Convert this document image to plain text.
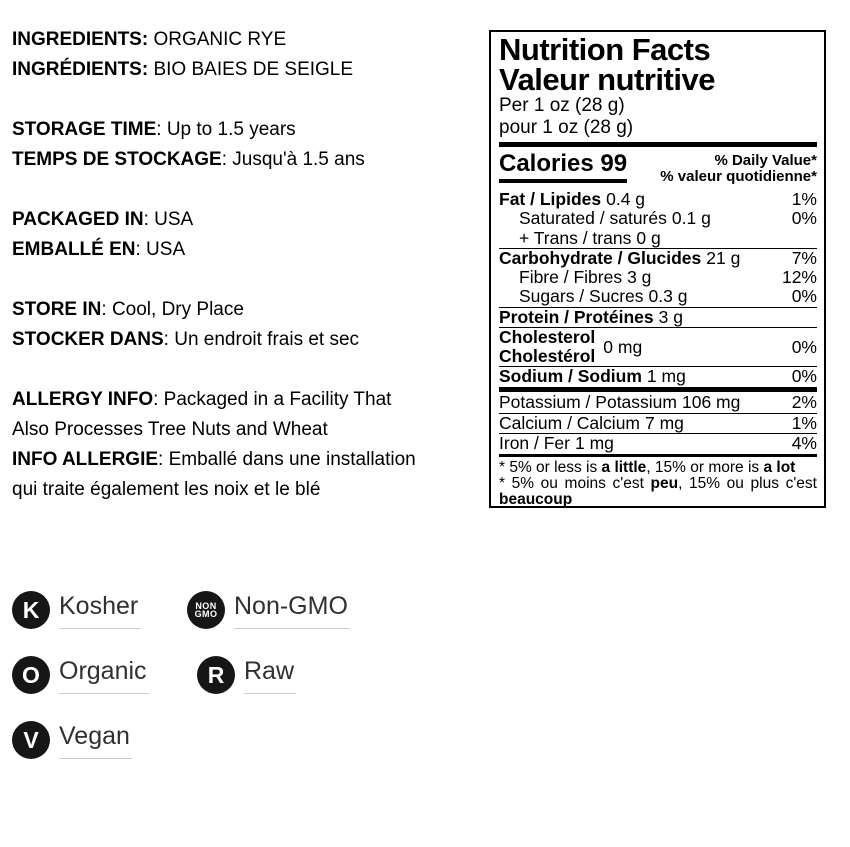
INGREDIENTS: ORGANIC RYE
INGRÉDIENTS: BIO BAIES DE SEIGLE
STORAGE TIME: Up to 1.5 years
TEMPS DE STOCKAGE: Jusqu'à 1.5 ans
PACKAGED IN: USA
EMBALLÉ EN: USA
STORE IN: Cool, Dry Place
STOCKER DANS: Un endroit frais et sec
ALLERGY INFO: Packaged in a Facility That
Also Processes Tree Nuts and Wheat
INFO ALLERGIE: Emballé dans une installation
qui traite également les noix et le blé
Nutrition Facts
Valeur nutritive
Per 1 oz (28 g)
pour 1 oz (28 g)
Calories 99	% Daily Value*
% valeur quotidienne*
Fat / Lipides 0.4 g	1%
Saturated / saturés 0.1 g	0%
+ Trans / trans 0 g
Carbohydrate / Glucides 21 g	7%
Fibre / Fibres 3 g	12%
Sugars / Sucres 0.3 g	0%
Protein / Protéines 3 g
Cholesterol
Cholestérol 0 mg	0%
Sodium / Sodium 1 mg	0%
Potassium / Potassium 106 mg	2%
Calcium / Calcium 7 mg	1%
Iron / Fer 1 mg	4%
* 5% or less is a little, 15% or more is a lot
* 5% ou moins c'est peu, 15% ou plus c'est beaucoup
K Kosher	NON
GMO Non-GMO
O Organic	R Raw
V Vegan
